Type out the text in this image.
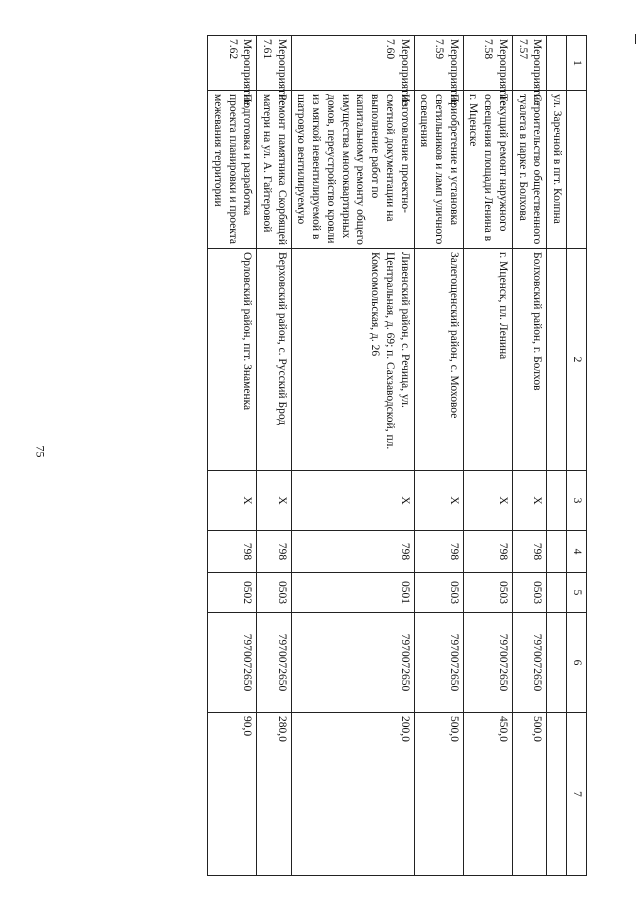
75
1		2	3	4	5	6	7
	ул. Заречной в пгт. Колпна						
Мероприятие 7.57	Строительство общественного туалета в парке г. Болхова	Болховский район, г. Болхов	X	798	0503	7970072650	500,0
Мероприятие 7.58	Текущий ремонт наружного освещения площади Ленина в г. Мценске	г. Мценск, пл. Ленина	X	798	0503	7970072650	450,0
Мероприятие 7.59	Приобретение и установка светильников и ламп уличного освещения	Залегощенский район, с. Моховое	X	798	0503	7970072650	500,0
Мероприятие 7.60	Изготовление проектно-сметной документации на выполнение работ по капитальному ремонту общего имущества многоквартирных домов, переустройство кровли из мягкой невентилируемой в шатровую вентилируемую	Ливенский район, с. Речица, ул. Центральная, д. 69; п. Сахзаводской, пл. Комсомольская, д. 26	X	798	0501	7970072650	200,0
Мероприятие 7.61	Ремонт памятника Скорбящей матери на ул. А. Гайтеровой	Верховский район, с. Русский Брод	X	798	0503	7970072650	280,0
Мероприятие 7.62	Подготовка и разработка проекта планировки и проекта межевания территории	Орловский район, пгт. Знаменка	X	798	0502	7970072650	90,0
